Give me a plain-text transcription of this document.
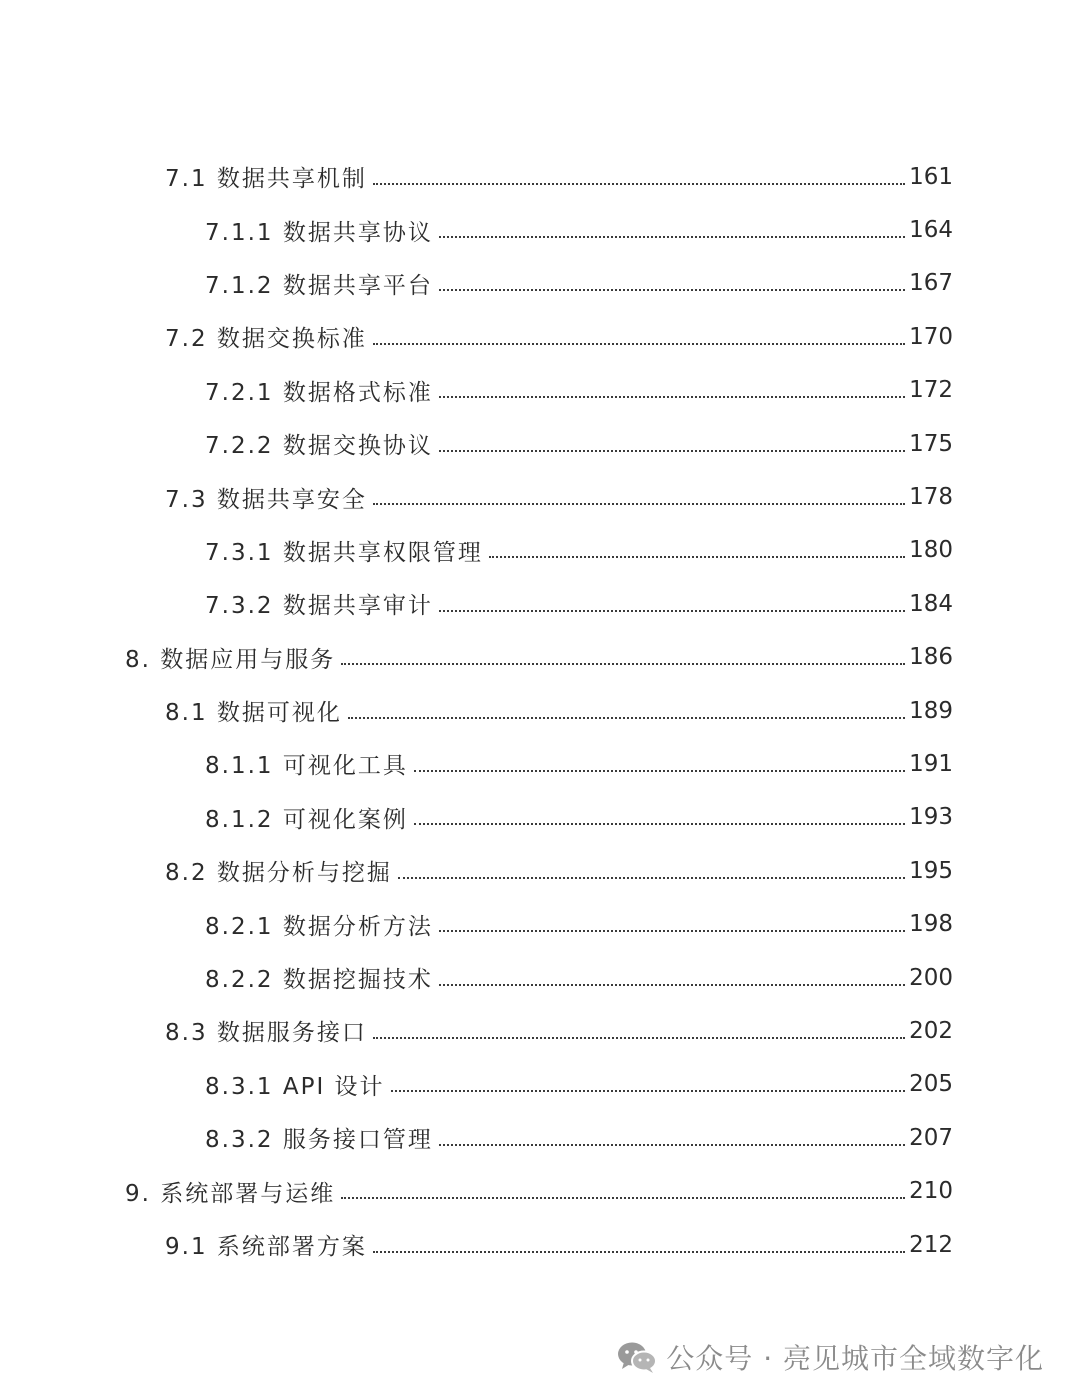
7.1 数据共享机制	161
7.1.1 数据共享协议	164
7.1.2 数据共享平台	167
7.2 数据交换标准	170
7.2.1 数据格式标准	172
7.2.2 数据交换协议	175
7.3 数据共享安全	178
7.3.1 数据共享权限管理	180
7.3.2 数据共享审计	184
8. 数据应用与服务	186
8.1 数据可视化	189
8.1.1 可视化工具	191
8.1.2 可视化案例	193
8.2 数据分析与挖掘	195
8.2.1 数据分析方法	198
8.2.2 数据挖掘技术	200
8.3 数据服务接口	202
8.3.1 API 设计	205
8.3.2 服务接口管理	207
9. 系统部署与运维	210
9.1 系统部署方案	212
公众号 · 亮见城市全域数字化
